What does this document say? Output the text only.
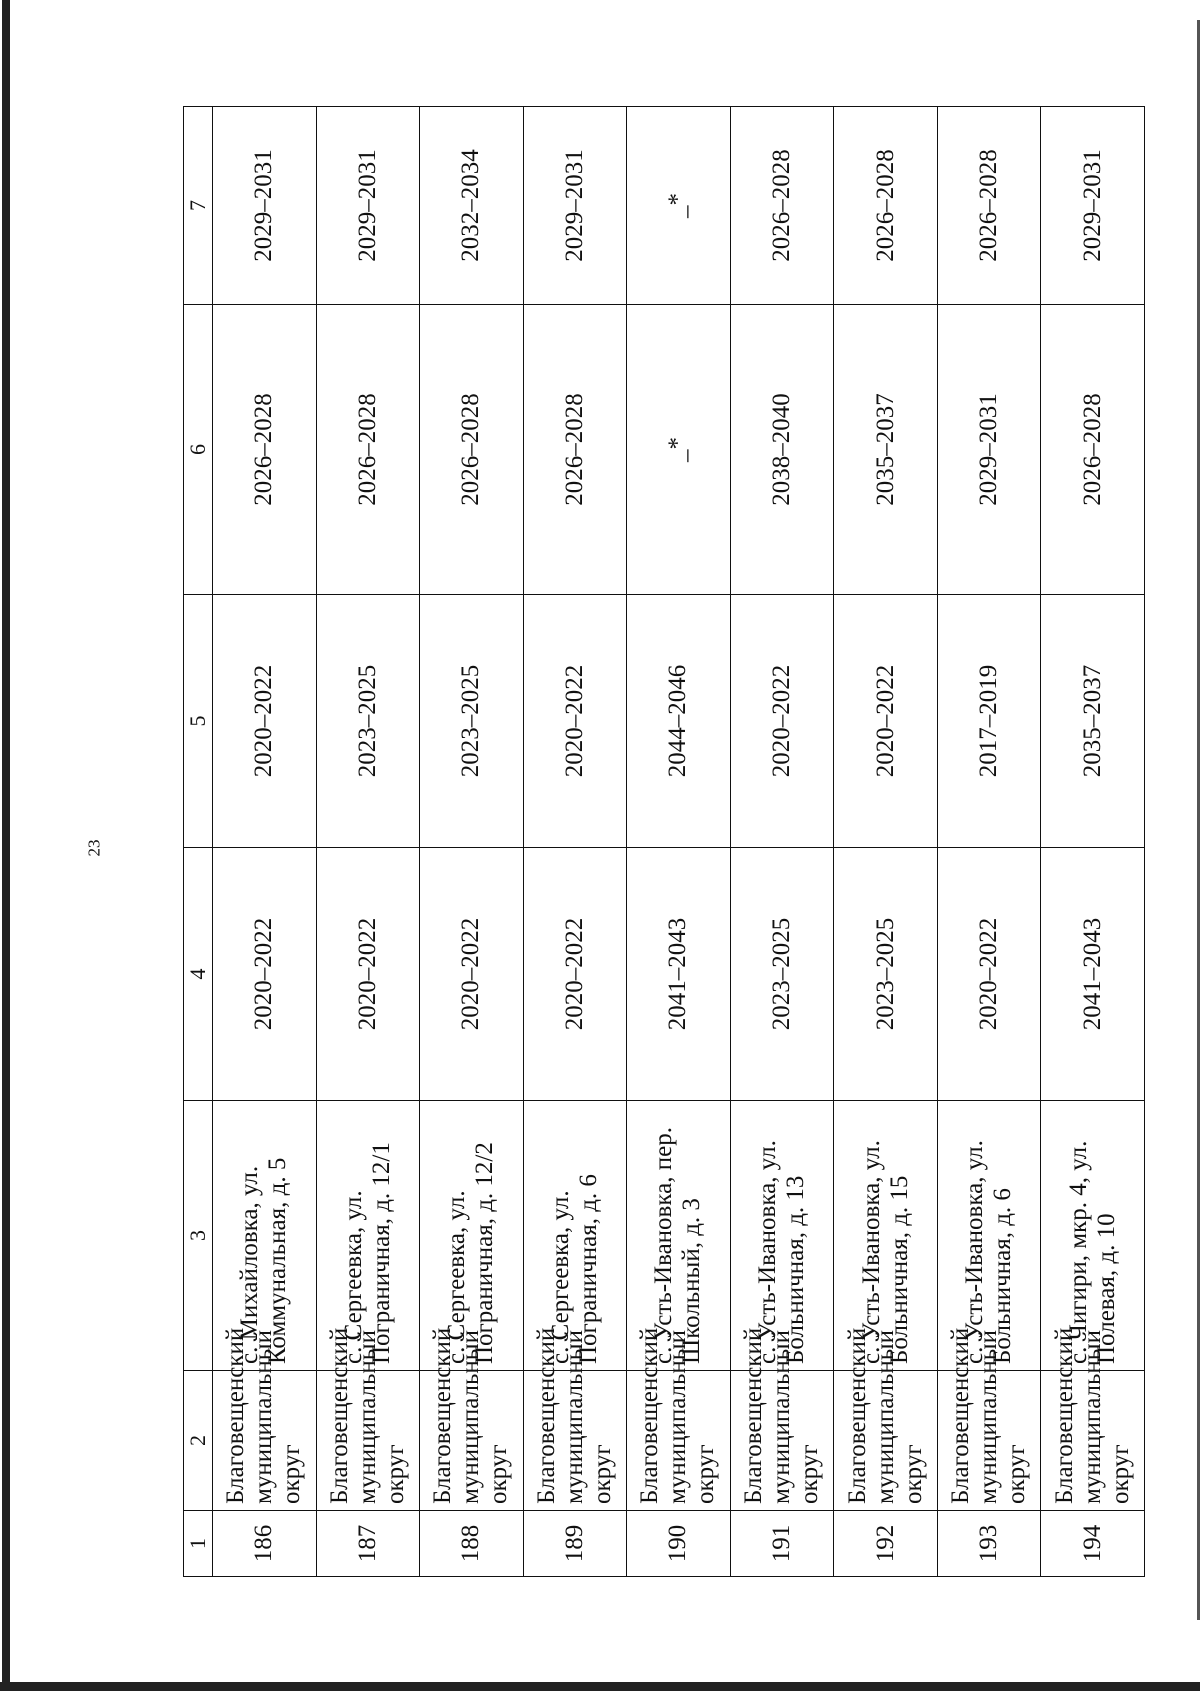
23
1	2	3	4	5	6	7
186	Благовещенский муниципальный округ	с. Михайловка, ул. Коммунальная, д. 5	2020–2022	2020–2022	2026–2028	2029–2031
187	Благовещенский муниципальный округ	с. Сергеевка, ул. Пограничная, д. 12/1	2020–2022	2023–2025	2026–2028	2029–2031
188	Благовещенский муниципальный округ	с. Сергеевка, ул. Пограничная, д. 12/2	2020–2022	2023–2025	2026–2028	2032–2034
189	Благовещенский муниципальный округ	с. Сергеевка, ул. Пограничная, д. 6	2020–2022	2020–2022	2026–2028	2029–2031
190	Благовещенский муниципальный округ	с. Усть-Ивановка, пер. Школьный, д. 3	2041–2043	2044–2046	_*	_*
191	Благовещенский муниципальный округ	с. Усть-Ивановка, ул. Больничная, д. 13	2023–2025	2020–2022	2038–2040	2026–2028
192	Благовещенский муниципальный округ	с. Усть-Ивановка, ул. Больничная, д. 15	2023–2025	2020–2022	2035–2037	2026–2028
193	Благовещенский муниципальный округ	с. Усть-Ивановка, ул. Больничная, д. 6	2020–2022	2017–2019	2029–2031	2026–2028
194	Благовещенский муниципальный округ	с. Чигири, мкр. 4, ул. Полевая, д. 10	2041–2043	2035–2037	2026–2028	2029–2031
